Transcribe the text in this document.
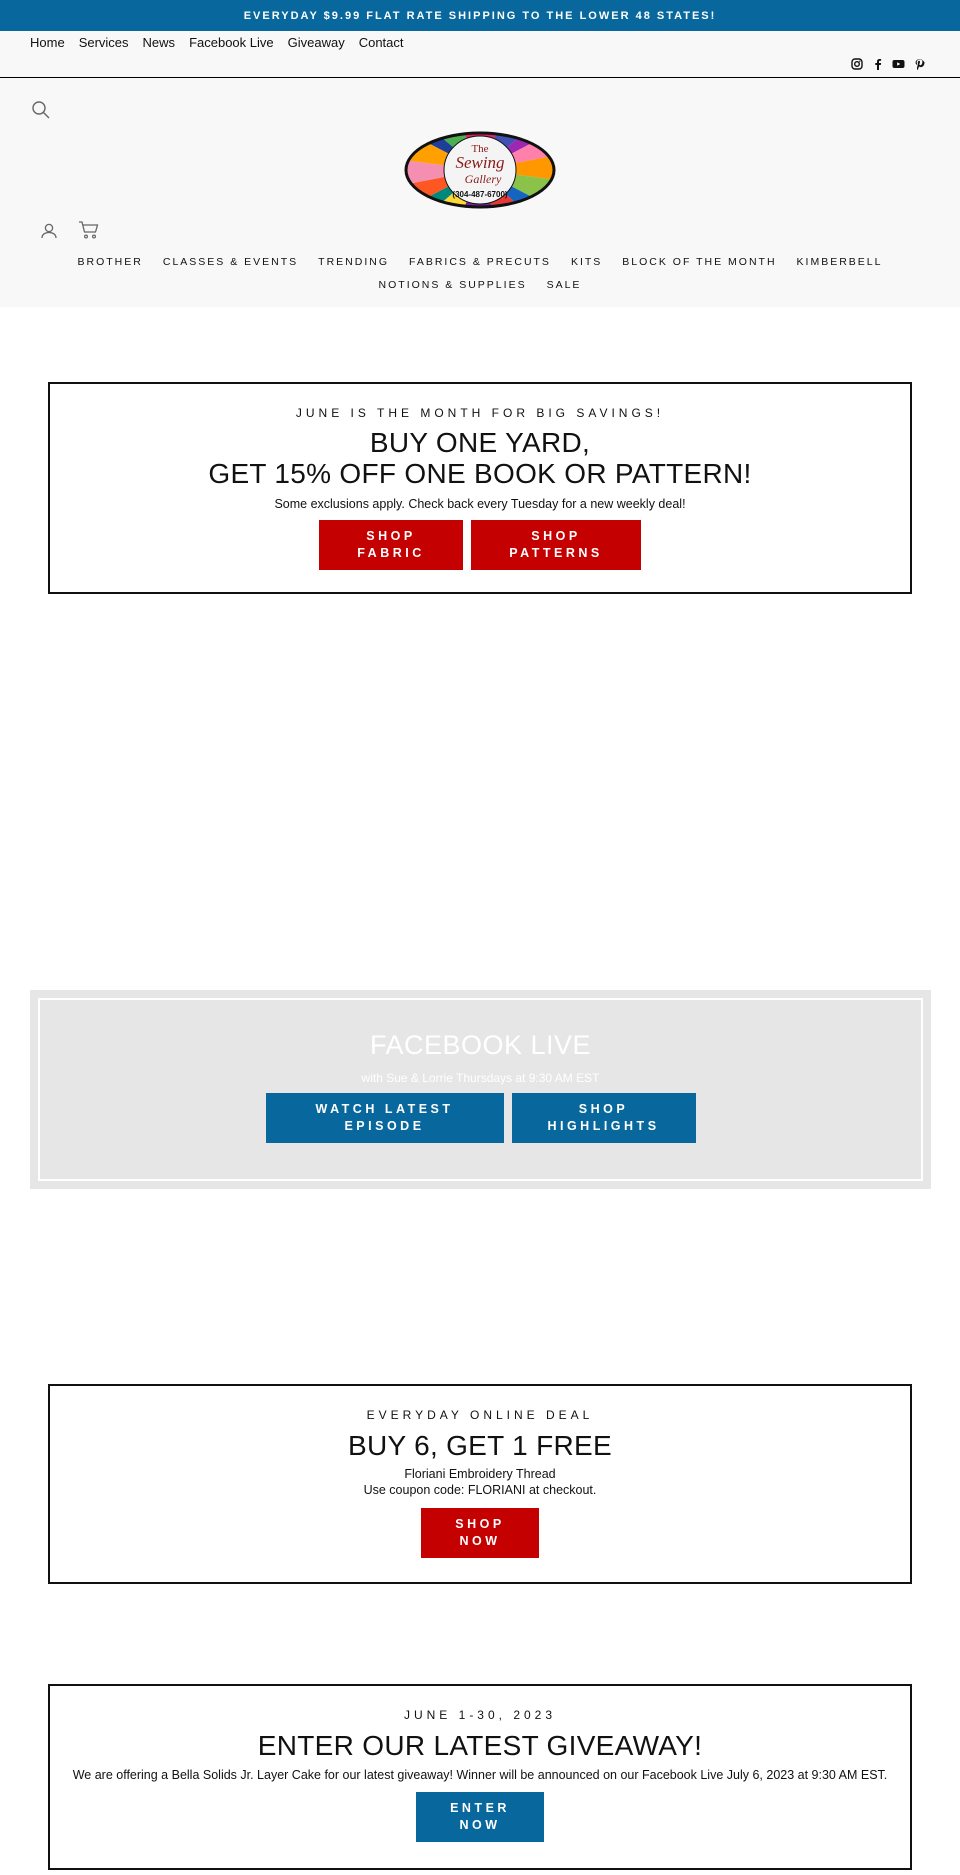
EVERYDAY $9.99 FLAT RATE SHIPPING TO THE LOWER 48 STATES!
Home Services News Facebook Live Giveaway Contact
The
Sewing
Gallery
(304-487-6700)
BROTHER CLASSES & EVENTS TRENDING FABRICS & PRECUTS KITS BLOCK OF THE MONTH KIMBERBELL
NOTIONS & SUPPLIES SALE
JUNE IS THE MONTH FOR BIG SAVINGS!
BUY ONE YARD,
GET 15% OFF ONE BOOK OR PATTERN!
Some exclusions apply. Check back every Tuesday for a new weekly deal!
SHOP
FABRIC
SHOP
PATTERNS
FACEBOOK LIVE
with Sue & Lorrie Thursdays at 9:30 AM EST
WATCH LATEST
EPISODE
SHOP
HIGHLIGHTS
EVERYDAY ONLINE DEAL
BUY 6, GET 1 FREE
Floriani Embroidery Thread
Use coupon code: FLORIANI at checkout.
SHOP
NOW
JUNE 1-30, 2023
ENTER OUR LATEST GIVEAWAY!
We are offering a Bella Solids Jr. Layer Cake for our latest giveaway! Winner will be announced on our Facebook Live July 6, 2023 at 9:30 AM EST.
ENTER
NOW
